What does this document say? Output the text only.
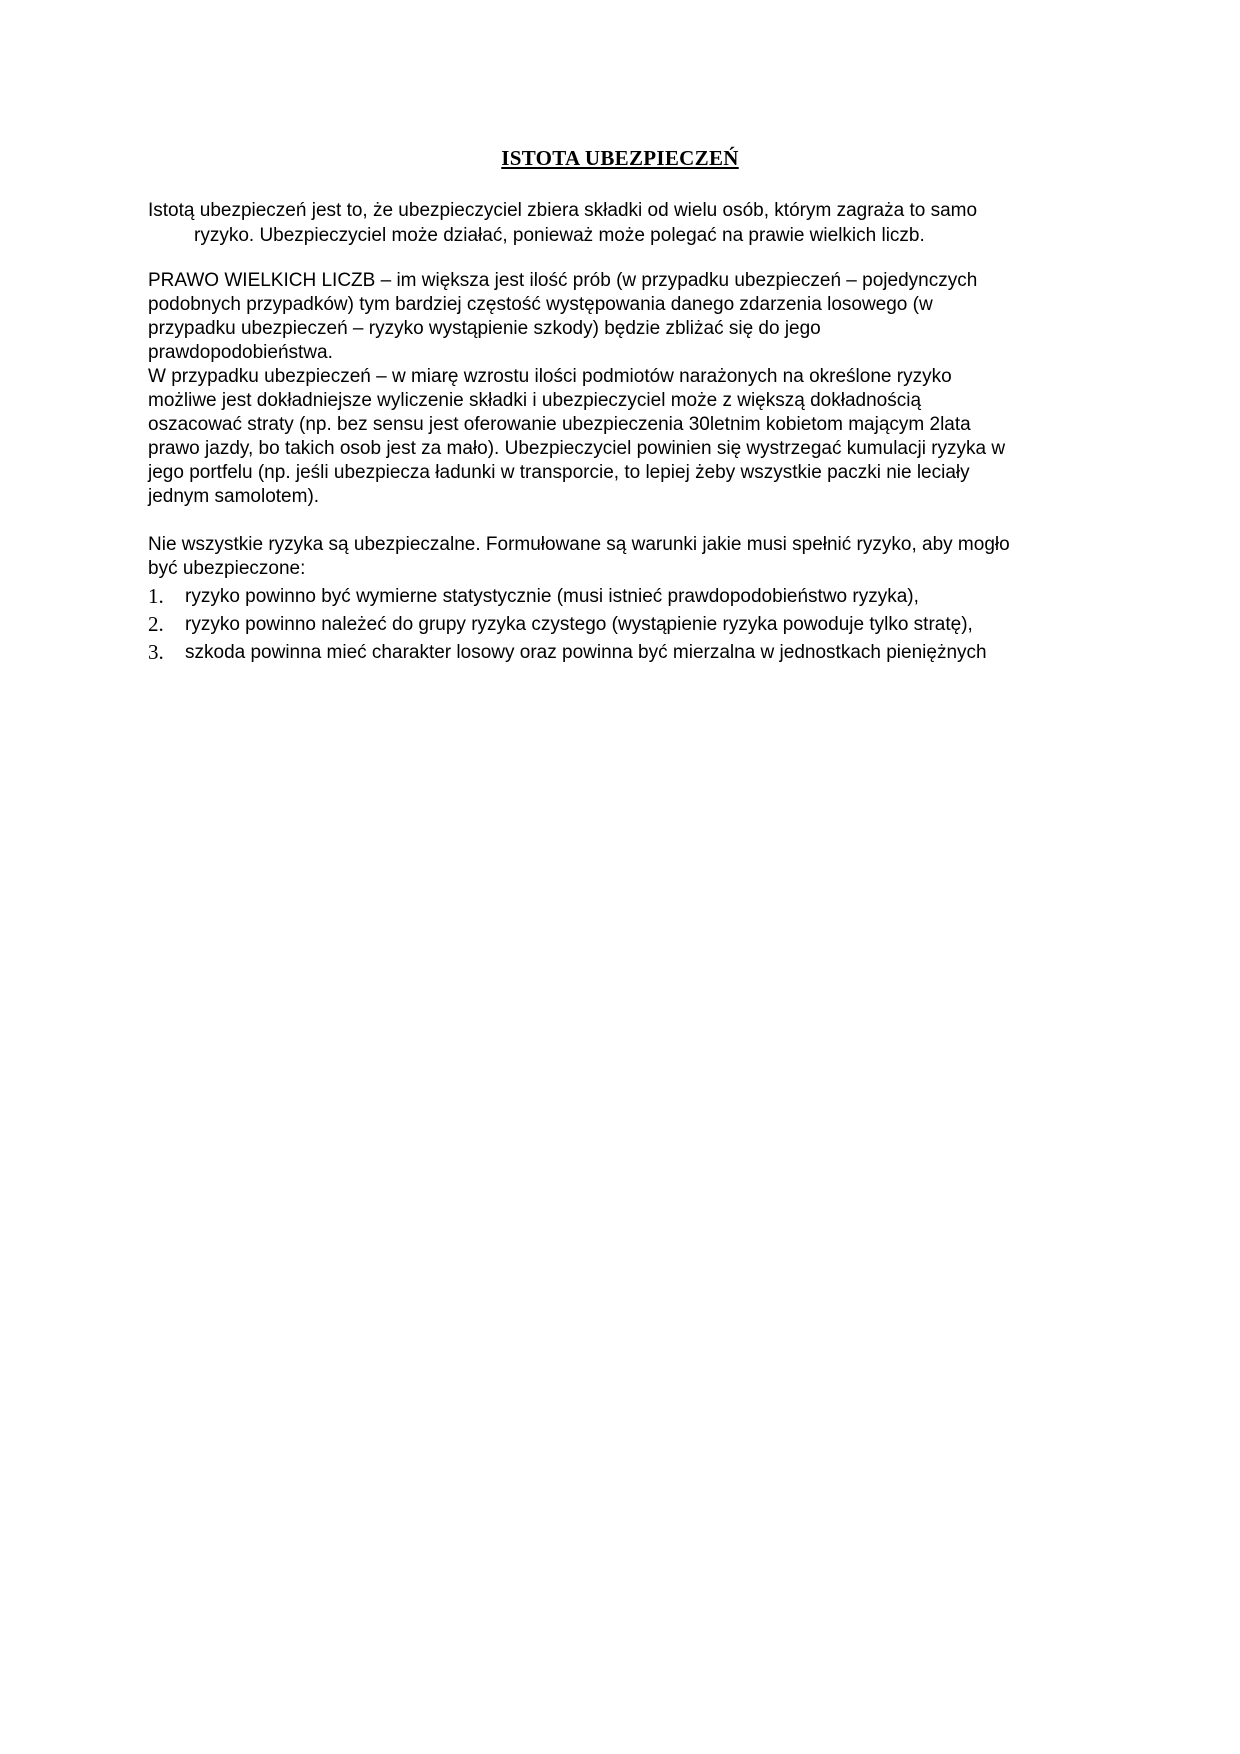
ISTOTA UBEZPIECZEŃ
Istotą ubezpieczeń jest to, że ubezpieczyciel zbiera składki od wielu osób, którym zagraża to samo
ryzyko. Ubezpieczyciel może działać, ponieważ może polegać na prawie wielkich liczb.
PRAWO WIELKICH LICZB – im większa jest ilość prób (w przypadku ubezpieczeń – pojedynczych
podobnych przypadków) tym bardziej częstość występowania danego zdarzenia losowego (w
przypadku ubezpieczeń – ryzyko wystąpienie szkody) będzie zbliżać się do jego
prawdopodobieństwa.
W przypadku ubezpieczeń – w miarę wzrostu ilości podmiotów narażonych na określone ryzyko
możliwe jest dokładniejsze wyliczenie składki i ubezpieczyciel może z większą dokładnością
oszacować straty (np. bez sensu jest oferowanie ubezpieczenia 30letnim kobietom mającym 2lata
prawo jazdy, bo takich osob jest za mało). Ubezpieczyciel powinien się wystrzegać kumulacji ryzyka w
jego portfelu (np. jeśli ubezpiecza ładunki w transporcie, to lepiej żeby wszystkie paczki nie leciały
jednym samolotem).
Nie wszystkie ryzyka są ubezpieczalne. Formułowane są warunki jakie musi spełnić ryzyko, aby mogło
być ubezpieczone:
1. ryzyko powinno być wymierne statystycznie (musi istnieć prawdopodobieństwo ryzyka),
2. ryzyko powinno należeć do grupy ryzyka czystego (wystąpienie ryzyka powoduje tylko stratę),
3. szkoda powinna mieć charakter losowy oraz powinna być mierzalna w jednostkach pieniężnych
